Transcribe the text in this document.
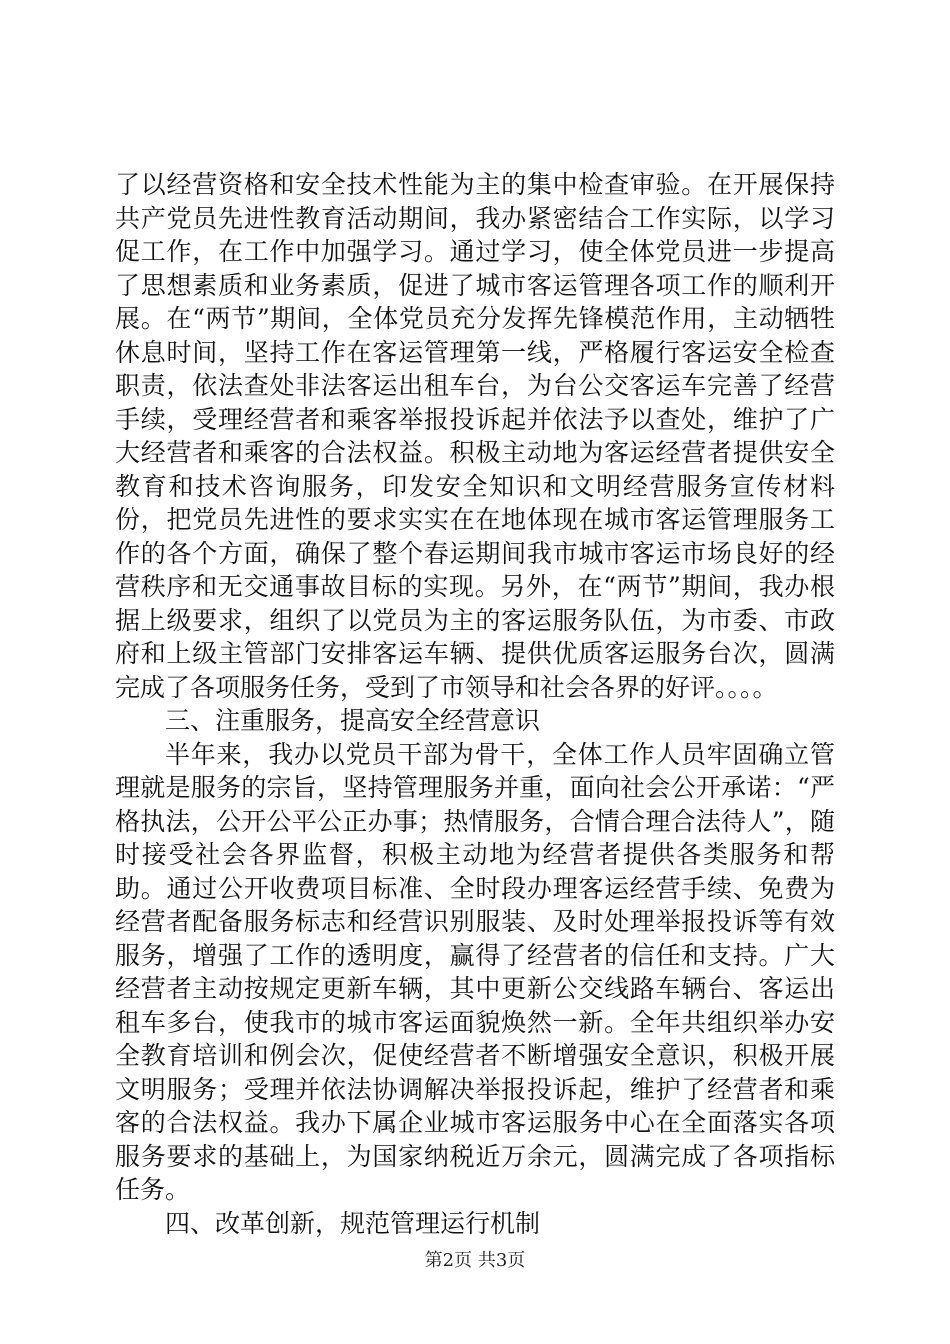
了以经营资格和安全技术性能为主的集中检查审验。在开展保持共产党员先进性教育活动期间，我办紧密结合工作实际，以学习促工作，在工作中加强学习。通过学习，使全体党员进一步提高了思想素质和业务素质，促进了城市客运管理各项工作的顺利开展。在“两节”期间，全体党员充分发挥先锋模范作用，主动牺牲休息时间，坚持工作在客运管理第一线，严格履行客运安全检查职责，依法查处非法客运出租车台，为台公交客运车完善了经营手续，受理经营者和乘客举报投诉起并依法予以查处，维护了广大经营者和乘客的合法权益。积极主动地为客运经营者提供安全教育和技术咨询服务，印发安全知识和文明经营服务宣传材料份，把党员先进性的要求实实在在地体现在城市客运管理服务工作的各个方面，确保了整个春运期间我市城市客运市场良好的经营秩序和无交通事故目标的实现。另外，在“两节”期间，我办根据上级要求，组织了以党员为主的客运服务队伍，为市委、市政府和上级主管部门安排客运车辆、提供优质客运服务台次，圆满完成了各项服务任务，受到了市领导和社会各界的好评。。。。

三、注重服务，提高安全经营意识

半年来，我办以党员干部为骨干，全体工作人员牢固确立管理就是服务的宗旨，坚持管理服务并重，面向社会公开承诺：“严格执法，公开公平公正办事；热情服务，合情合理合法待人”，随时接受社会各界监督，积极主动地为经营者提供各类服务和帮助。通过公开收费项目标准、全时段办理客运经营手续、免费为经营者配备服务标志和经营识别服装、及时处理举报投诉等有效服务，增强了工作的透明度，赢得了经营者的信任和支持。广大经营者主动按规定更新车辆，其中更新公交线路车辆台、客运出租车多台，使我市的城市客运面貌焕然一新。全年共组织举办安全教育培训和例会次，促使经营者不断增强安全意识，积极开展文明服务；受理并依法协调解决举报投诉起，维护了经营者和乘客的合法权益。我办下属企业城市客运服务中心在全面落实各项服务要求的基础上，为国家纳税近万余元，圆满完成了各项指标任务。

四、改革创新，规范管理运行机制

第2页 共3页
